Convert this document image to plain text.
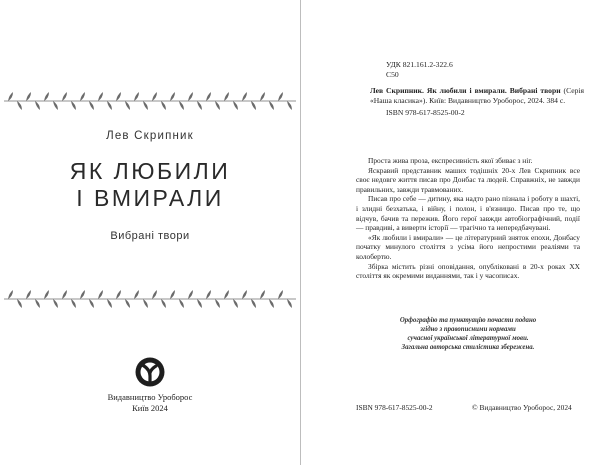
Лев Скрипник
ЯК ЛЮБИЛИ
І ВМИРАЛИ
Вибрані твори
Видавництво Уроборос
Київ 2024
УДК 821.161.2-322.6
С50
Лев Скрипник. Як любили і вмирали. Вибрані твори (Серія «Наша класика»). Київ: Видавництво Уроборос, 2024. 384 с.
ISBN 978-617-8525-00-2

Проста жива проза, експресивність якої збиває з ніг.

Яскравий представник маших тодішніх 20-х Лев Скрипник все своє недовге життя писав про Донбас та людей. Справжніх, не завжди правильних, завжди травмованих.

Писав про себе — дитину, яка надто рано пізнала і роботу в шахті, і злидні безхатька, і війну, і полон, і в'язницю. Писав про те, що відчув, бачив та пережив. Його герої завжди автобіографічний, події — правдиві, а вивертн історії — трагічно та непередбачувані.

«Як любили і вмирали» — це літературний зняток епохи, Донбасу початку минулого століття з усіма його непростими реаліями та колобертю.

Збірка містить різні оповідання, опубліковані в 20-х роках XX століття як окремими виданнями, так і у часописах.

Орфографію та пунктуацію почасти подано
згідно з правописними нормами
сучасної української літературної мови.
Загальна авторська стилістика збережена.
ISBN 978-617-8525-00-2	© Видавництво Уроборос, 2024
